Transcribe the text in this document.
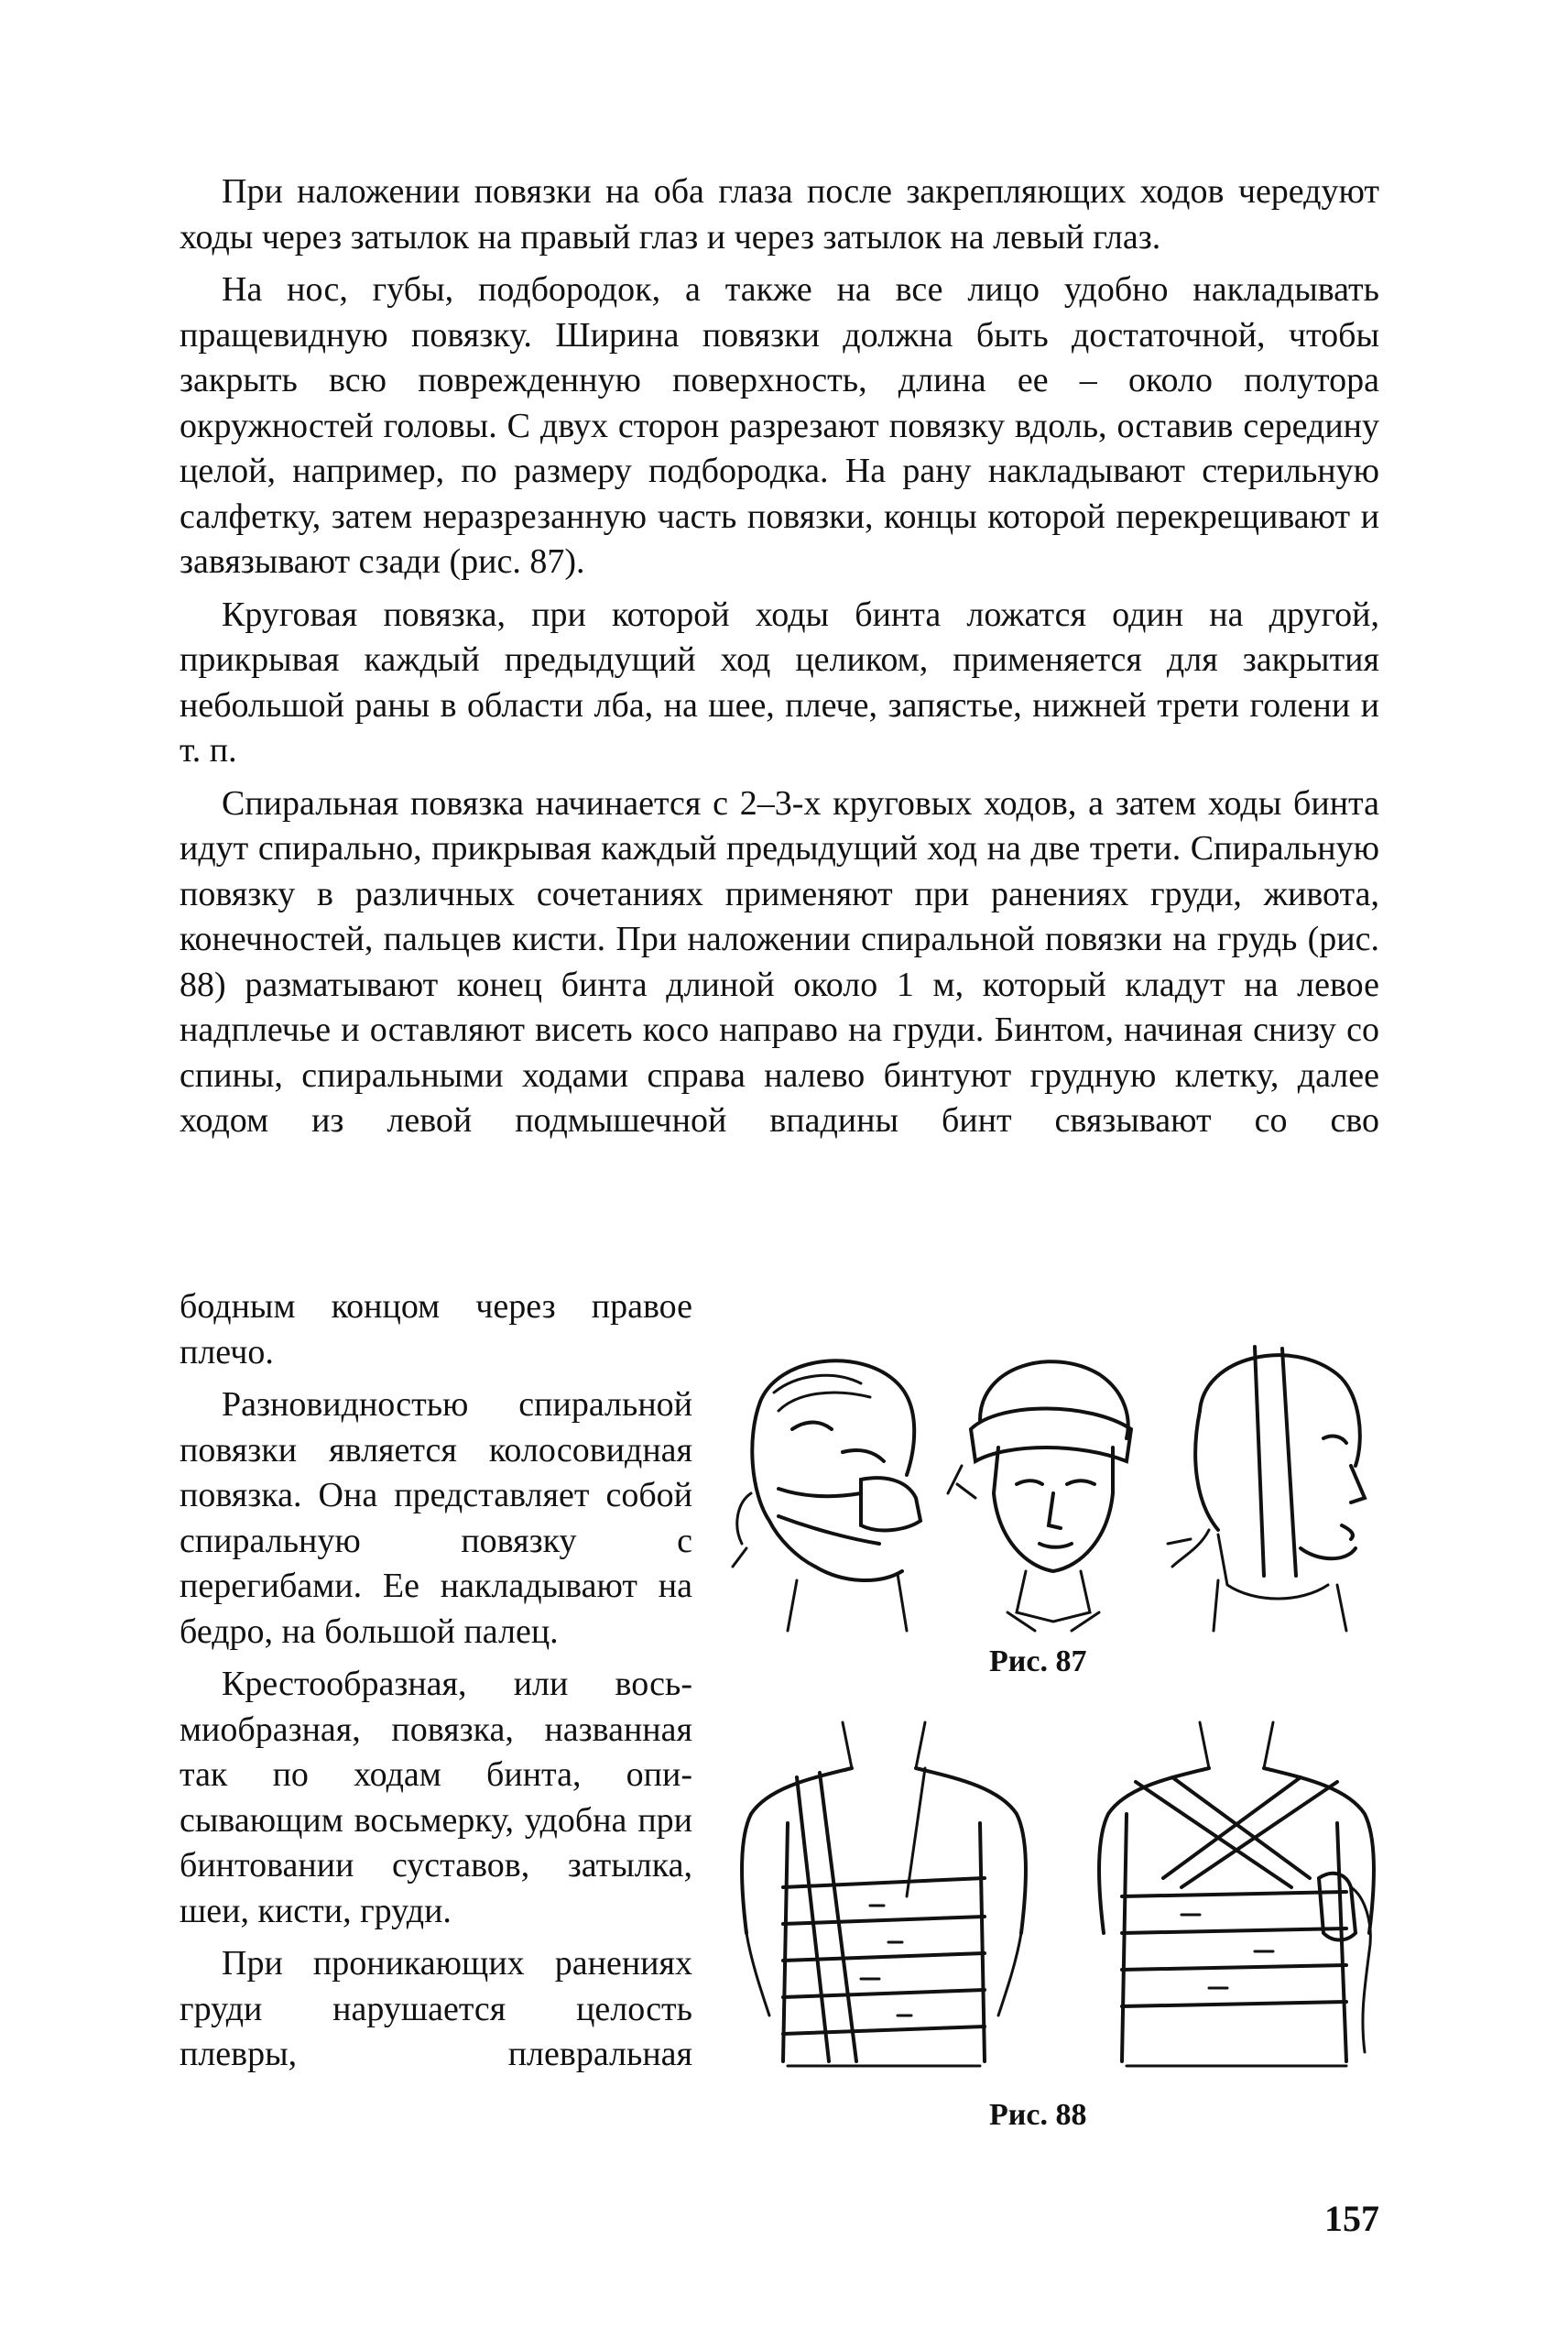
При наложении повязки на оба глаза после закрепляющих ходов чередуют ходы через затылок на правый глаз и через затылок на левый глаз.

На нос, губы, подбородок, а также на все лицо удобно накладывать пращевидную повязку. Ширина повязки должна быть достаточной, чтобы закрыть всю поврежденную поверхность, длина ее – около полутора окружностей головы. С двух сторон разрезают повязку вдоль, оставив середину целой, например, по размеру подбородка. На рану накладывают стерильную салфетку, затем неразрезанную часть повязки, концы которой перекрещивают и завязывают сзади (рис. 87).

Круговая повязка, при которой ходы бинта ложатся один на другой, прикрывая каждый предыдущий ход целиком, применяется для закрытия небольшой раны в области лба, на шее, плече, запястье, нижней трети голени и т. п.

Спиральная повязка начинается с 2–3-х круговых ходов, а затем ходы бинта идут спирально, прикрывая каждый предыдущий ход на две трети. Спиральную повязку в различных сочетаниях применяют при ранениях груди, живота, конечностей, пальцев кисти. При наложении спиральной повязки на грудь (рис. 88) разматывают конец бинта длиной около 1 м, который кладут на левое надплечье и оставляют висеть косо направо на груди. Бинтом, начиная снизу со спины, спиральными ходами справа налево бинтуют грудную клетку, далее ходом из левой подмышечной впадины бинт связывают со сво

бодным концом через правое плечо.

Разновидностью спиральной повязки является колосовидная повязка. Она представляет собой спиральную повязку с перегибами. Ее накладывают на бедро, на большой палец.

Крестообразная, или восьмиобразная, повязка, названная так по ходам бинта, описывающим восьмерку, удобна при бинтовании суставов, затылка, шеи, кисти, груди.

При проникающих ранениях груди нарушается целость плевры, плевральная

Рис. 87
Рис. 88
157
